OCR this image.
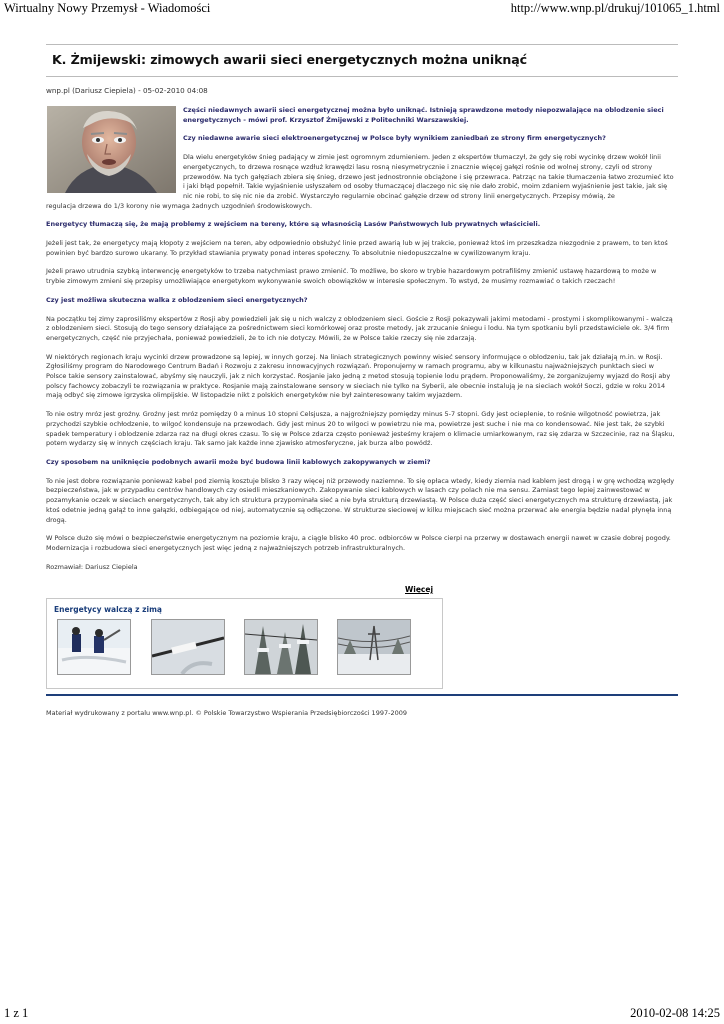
Wirtualny Nowy Przemysł - Wiadomości	http://www.wnp.pl/drukuj/101065_1.html
K. Żmijewski: zimowych awarii sieci energetycznych można uniknąć
wnp.pl (Dariusz Ciepiela) - 05-02-2010 04:08

Części niedawnych awarii sieci energetycznej można było uniknąć. Istnieją sprawdzone metody niepozwalające na oblodzenie sieci energetycznych - mówi prof. Krzysztof Żmijewski z Politechniki Warszawskiej.

Czy niedawne awarie sieci elektroenergetycznej w Polsce były wynikiem zaniedbań ze strony firm energetycznych?

Dla wielu energetyków śnieg padający w zimie jest ogromnym zdumieniem. Jeden z ekspertów tłumaczył, że gdy się robi wycinkę drzew wokół linii energetycznych, to drzewa rosnące wzdłuż krawędzi lasu rosną niesymetrycznie i znacznie więcej gałęzi rośnie od wolnej strony, czyli od strony przewodów. Na tych gałęziach zbiera się śnieg, drzewo jest jednostronnie obciążone i się przewraca. Patrząc na takie tłumaczenia łatwo zrozumieć kto i jaki błąd popełnił. Takie wyjaśnienie usłyszałem od osoby tłumaczącej dlaczego nic się nie dało zrobić, moim zdaniem wyjaśnienie jest takie, jak się nic nie robi, to się nic nie da zrobić. Wystarczyło regularnie obcinać gałęzie drzew od strony linii energetycznych. Przepisy mówią, że

regulacja drzewa do 1/3 korony nie wymaga żadnych uzgodnień środowiskowych.

Energetycy tłumaczą się, że mają problemy z wejściem na tereny, które są własnością Lasów Państwowych lub prywatnych właścicieli.

Jeżeli jest tak, że energetycy mają kłopoty z wejściem na teren, aby odpowiednio obsłużyć linie przed awarią lub w jej trakcie, ponieważ ktoś im przeszkadza niezgodnie z prawem, to ten ktoś powinien być bardzo surowo ukarany. To przykład stawiania prywaty ponad interes społeczny. To absolutnie niedopuszczalne w cywilizowanym kraju.

Jeżeli prawo utrudnia szybką interwencję energetyków to trzeba natychmiast prawo zmienić. To możliwe, bo skoro w trybie hazardowym potrafiliśmy zmienić ustawę hazardową to może w trybie zimowym zmieni się przepisy umożliwiające energetykom wykonywanie swoich obowiązków w interesie społecznym. To wstyd, że musimy rozmawiać o takich rzeczach!

Czy jest możliwa skuteczna walka z oblodzeniem sieci energetycznych?

Na początku tej zimy zaprosiliśmy ekspertów z Rosji aby powiedzieli jak się u nich walczy z oblodzeniem sieci. Goście z Rosji pokazywali jakimi metodami - prostymi i skomplikowanymi - walczą z oblodzeniem sieci. Stosują do tego sensory działające za pośrednictwem sieci komórkowej oraz proste metody, jak zrzucanie śniegu i lodu. Na tym spotkaniu byli przedstawiciele ok. 3/4 firm energetycznych, część nie przyjechała, ponieważ powiedzieli, że to ich nie dotyczy. Mówili, że w Polsce takie rzeczy się nie zdarzają.

W niektórych regionach kraju wycinki drzew prowadzone są lepiej, w innych gorzej. Na liniach strategicznych powinny wisieć sensory informujące o oblodzeniu, tak jak działają m.in. w Rosji. Zgłosiliśmy program do Narodowego Centrum Badań i Rozwoju z zakresu innowacyjnych rozwiązań. Proponujemy w ramach programu, aby w kilkunastu najważniejszych punktach sieci w Polsce takie sensory zainstalować, abyśmy się nauczyli, jak z nich korzystać. Rosjanie jako jedną z metod stosują topienie lodu prądem. Proponowaliśmy, że zorganizujemy wyjazd do Rosji aby polscy fachowcy zobaczyli te rozwiązania w praktyce. Rosjanie mają zainstalowane sensory w sieciach nie tylko na Syberii, ale obecnie instalują je na sieciach wokół Soczi, gdzie w roku 2014 mają odbyć się zimowe igrzyska olimpijskie. W listopadzie nikt z polskich energetyków nie był zainteresowany takim wyjazdem.

To nie ostry mróz jest groźny. Groźny jest mróz pomiędzy 0 a minus 10 stopni Celsjusza, a najgroźniejszy pomiędzy minus 5-7 stopni. Gdy jest ocieplenie, to rośnie wilgotność powietrza, jak przychodzi szybkie ochłodzenie, to wilgoć kondensuje na przewodach. Gdy jest minus 20 to wilgoci w powietrzu nie ma, powietrze jest suche i nie ma co kondensować. Nie jest tak, że szybki spadek temperatury i oblodzenie zdarza raz na długi okres czasu. To się w Polsce zdarza często ponieważ jesteśmy krajem o klimacie umiarkowanym, raz się zdarza w Szczecinie, raz na Śląsku, potem wydarzy się w innych częściach kraju. Tak samo jak każde inne zjawisko atmosferyczne, jak burza albo powódź.

Czy sposobem na uniknięcie podobnych awarii może być budowa linii kablowych zakopywanych w ziemi?

To nie jest dobre rozwiązanie ponieważ kabel pod ziemią kosztuje blisko 3 razy więcej niż przewody naziemne. To się opłaca wtedy, kiedy ziemia nad kablem jest drogą i w grę wchodzą względy bezpieczeństwa, jak w przypadku centrów handlowych czy osiedli mieszkaniowych. Zakopywanie sieci kablowych w lasach czy polach nie ma sensu. Zamiast tego lepiej zainwestować w pozamykanie oczek w sieciach energetycznych, tak aby ich struktura przypominała sieć a nie była strukturą drzewiastą. W Polsce duża część sieci energetycznych ma strukturę drzewiastą, jak ktoś odetnie jedną gałąź to inne gałązki, odbiegające od niej, automatycznie są odłączone. W strukturze sieciowej w kilku miejscach sieć można przerwać ale energia będzie nadal płynęła inną drogą.

W Polsce dużo się mówi o bezpieczeństwie energetycznym na poziomie kraju, a ciągle blisko 40 proc. odbiorców w Polsce cierpi na przerwy w dostawach energii nawet w czasie dobrej pogody. Modernizacja i rozbudowa sieci energetycznych jest więc jedną z najważniejszych potrzeb infrastrukturalnych.

Rozmawiał: Dariusz Ciepiela

Więcej
Energetycy walczą z zimą
Materiał wydrukowany z portalu www.wnp.pl. © Polskie Towarzystwo Wspierania Przedsiębiorczości 1997-2009
1 z 1	2010-02-08 14:25
